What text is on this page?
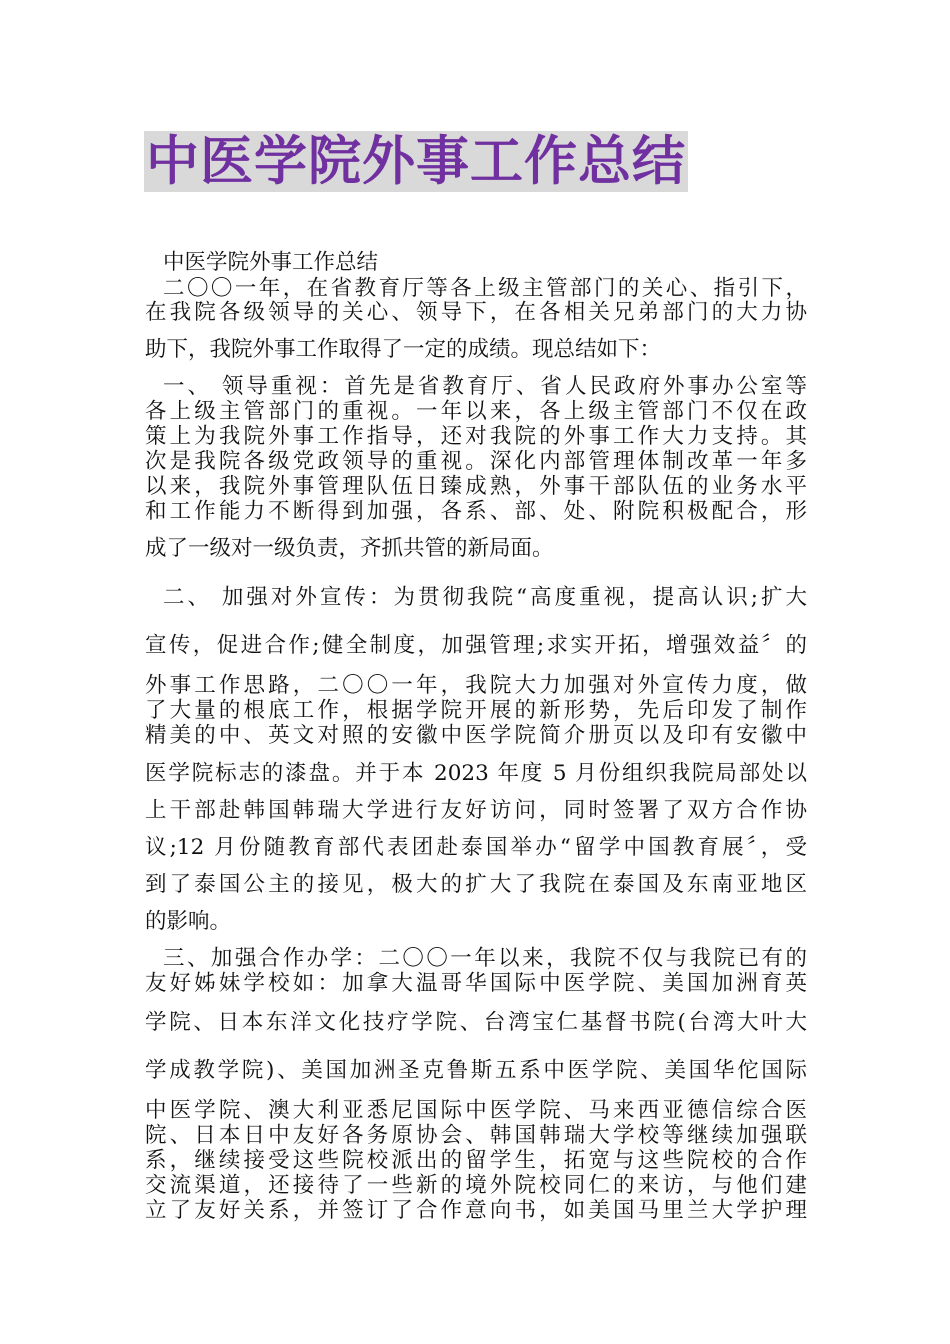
中医学院外事工作总结
中医学院外事工作总结
二〇〇一年，在省教育厅等各上级主管部门的关心、指引下，
在我院各级领导的关心、领导下，在各相关兄弟部门的大力协
助下，我院外事工作取得了一定的成绩。现总结如下：
一、 领导重视：首先是省教育厅、省人民政府外事办公室等
各上级主管部门的重视。一年以来，各上级主管部门不仅在政
策上为我院外事工作指导，还对我院的外事工作大力支持。其
次是我院各级党政领导的重视。深化内部管理体制改革一年多
以来，我院外事管理队伍日臻成熟，外事干部队伍的业务水平
和工作能力不断得到加强，各系、部、处、附院积极配合，形
成了一级对一级负责，齐抓共管的新局面。
二、 加强对外宣传：为贯彻我院“高度重视，提高认识;扩大
宣传，促进合作;健全制度，加强管理;求实开拓，增强效益〞的
外事工作思路，二〇〇一年，我院大力加强对外宣传力度，做
了大量的根底工作，根据学院开展的新形势，先后印发了制作
精美的中、英文对照的安徽中医学院简介册页以及印有安徽中
医学院标志的漆盘。并于本 2023 年度 5 月份组织我院局部处以
上干部赴韩国韩瑞大学进行友好访问，同时签署了双方合作协
议;12 月份随教育部代表团赴泰国举办“留学中国教育展〞，受
到了泰国公主的接见，极大的扩大了我院在泰国及东南亚地区
的影响。
三、加强合作办学：二〇〇一年以来，我院不仅与我院已有的
友好姊妹学校如：加拿大温哥华国际中医学院、美国加洲育英
学院、日本东洋文化技疗学院、台湾宝仁基督书院(台湾大叶大
学成教学院)、美国加洲圣克鲁斯五系中医学院、美国华佗国际
中医学院、澳大利亚悉尼国际中医学院、马来西亚德信综合医
院、日本日中友好各务原协会、韩国韩瑞大学校等继续加强联
系，继续接受这些院校派出的留学生，拓宽与这些院校的合作
交流渠道，还接待了一些新的境外院校同仁的来访，与他们建
立了友好关系，并签订了合作意向书，如美国马里兰大学护理
